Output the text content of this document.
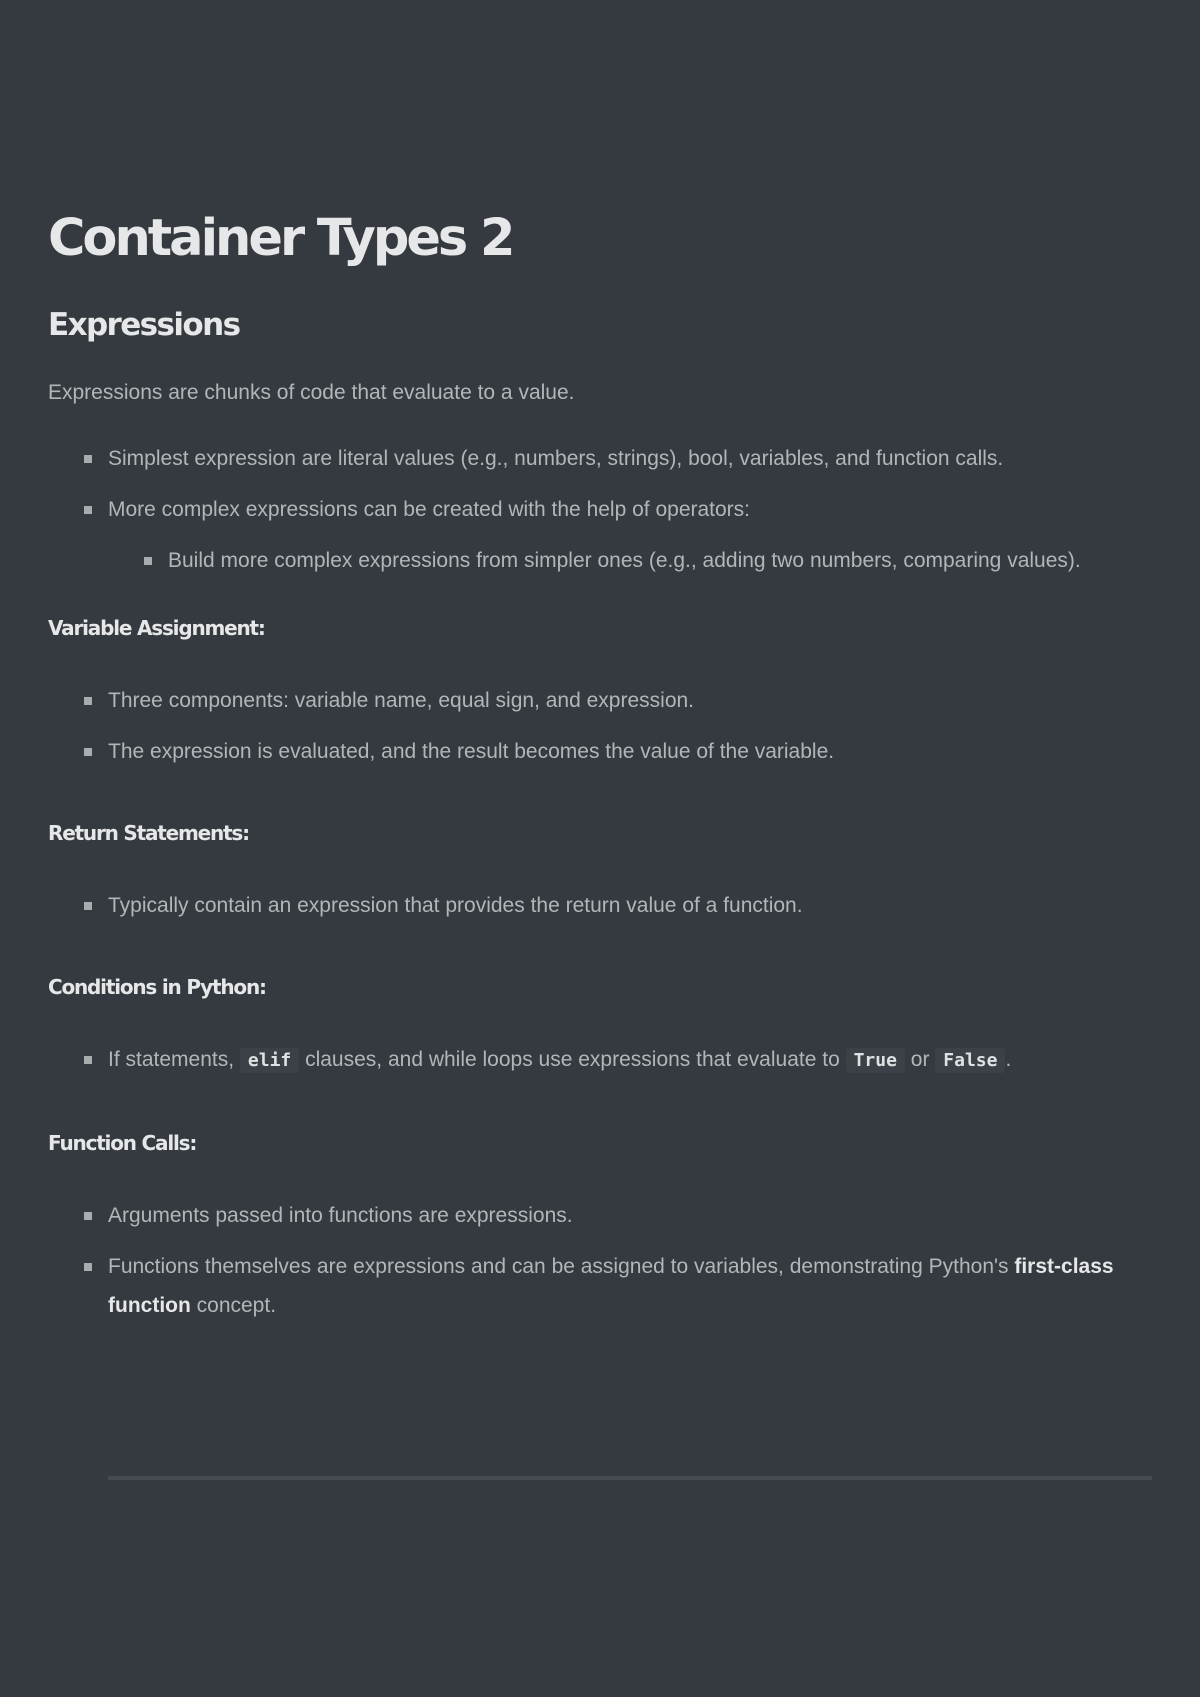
Container Types 2
Expressions

Expressions are chunks of code that evaluate to a value.

Simplest expression are literal values (e.g., numbers, strings), bool, variables, and function calls.
More complex expressions can be created with the help of operators:
Build more complex expressions from simpler ones (e.g., adding two numbers, comparing values).
Variable Assignment:
Three components: variable name, equal sign, and expression.
The expression is evaluated, and the result becomes the value of the variable.
Return Statements:
Typically contain an expression that provides the return value of a function.
Conditions in Python:
If statements, elif clauses, and while loops use expressions that evaluate to True or False .
Function Calls:
Arguments passed into functions are expressions.
Functions themselves are expressions and can be assigned to variables, demonstrating Python's first-class function concept.
